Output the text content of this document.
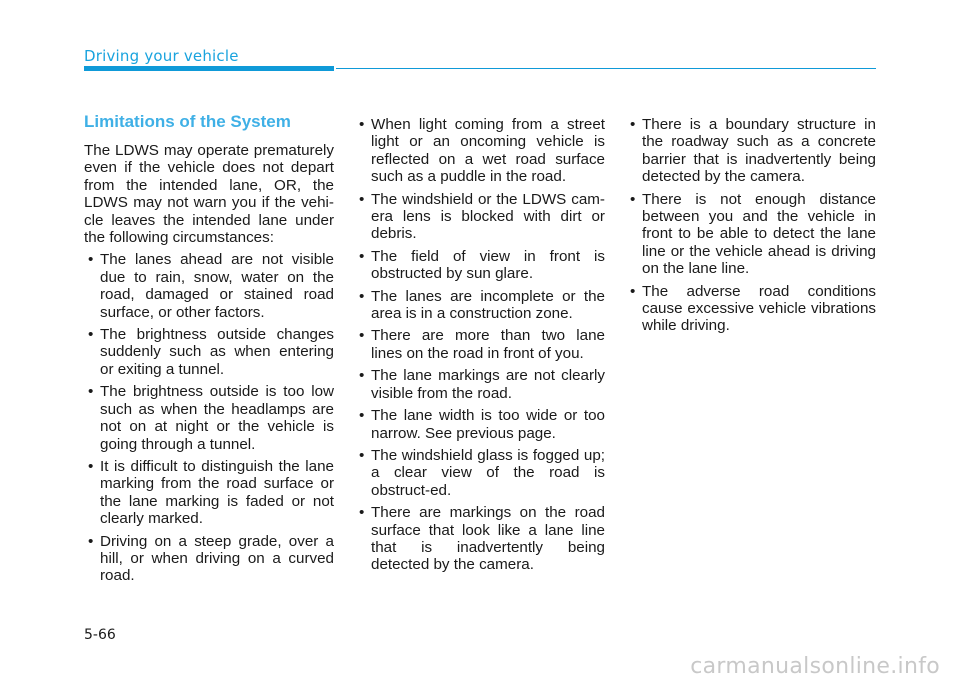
Driving your vehicle
Limitations of the System

The LDWS may operate prematurely even if the vehicle does not depart from the intended lane, OR, the LDWS may not warn you if the vehi-cle leaves the intended lane under the following circumstances:

• The lanes ahead are not visible due to rain, snow, water on the road, damaged or stained road surface, or other factors.
• The brightness outside changes suddenly such as when entering or exiting a tunnel.
• The brightness outside is too low such as when the headlamps are not on at night or the vehicle is going through a tunnel.
• It is difficult to distinguish the lane marking from the road surface or the lane marking is faded or not clearly marked.
• Driving on a steep grade, over a hill, or when driving on a curved road.
• When light coming from a street light or an oncoming vehicle is reflected on a wet road surface such as a puddle in the road.
• The windshield or the LDWS cam-era lens is blocked with dirt or debris.
• The field of view in front is obstructed by sun glare.
• The lanes are incomplete or the area is in a construction zone.
• There are more than two lane lines on the road in front of you.
• The lane markings are not clearly visible from the road.
• The lane width is too wide or too narrow. See previous page.
• The windshield glass is fogged up; a clear view of the road is obstruct-ed.
• There are markings on the road surface that look like a lane line that is inadvertently being detected by the camera.
• There is a boundary structure in the roadway such as a concrete barrier that is inadvertently being detected by the camera.
• There is not enough distance between you and the vehicle in front to be able to detect the lane line or the vehicle ahead is driving on the lane line.
• The adverse road conditions cause excessive vehicle vibrations while driving.
5-66
carmanualsonline.info
